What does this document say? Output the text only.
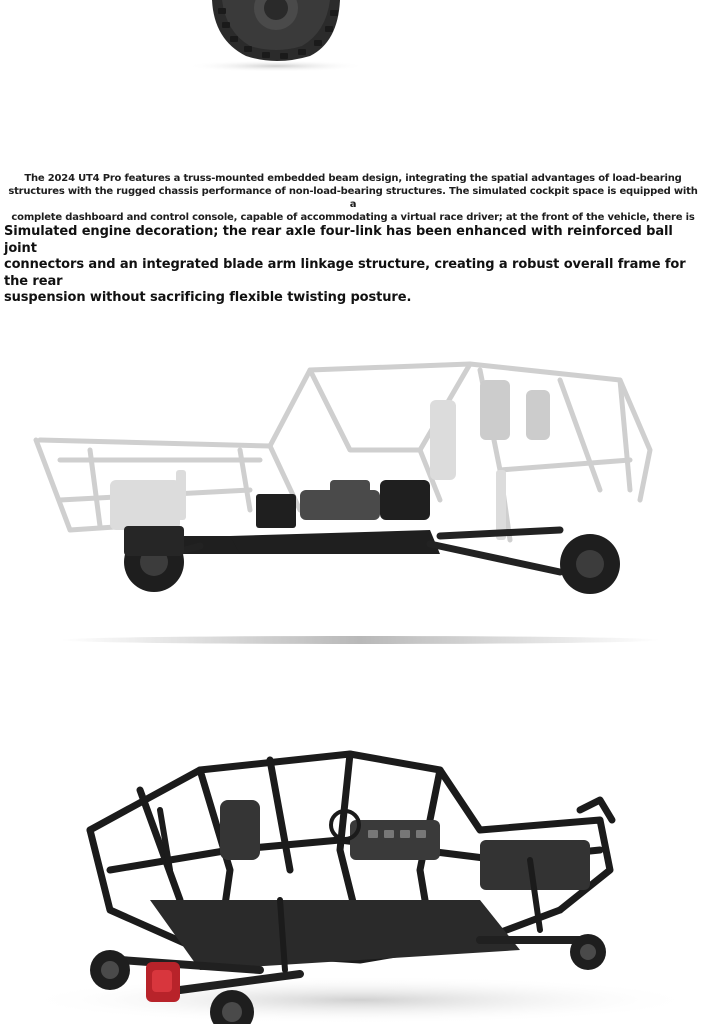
The 2024 UT4 Pro features a truss-mounted embedded beam design, integrating the spatial advantages of load-bearing
structures with the rugged chassis performance of non-load-bearing structures. The simulated cockpit space is equipped with a
complete dashboard and control console, capable of accommodating a virtual race driver; at the front of the vehicle, there is
Simulated engine decoration; the rear axle four-link has been enhanced with reinforced ball joint
connectors and an integrated blade arm linkage structure, creating a robust overall frame for the rear
suspension without sacrificing flexible twisting posture.
